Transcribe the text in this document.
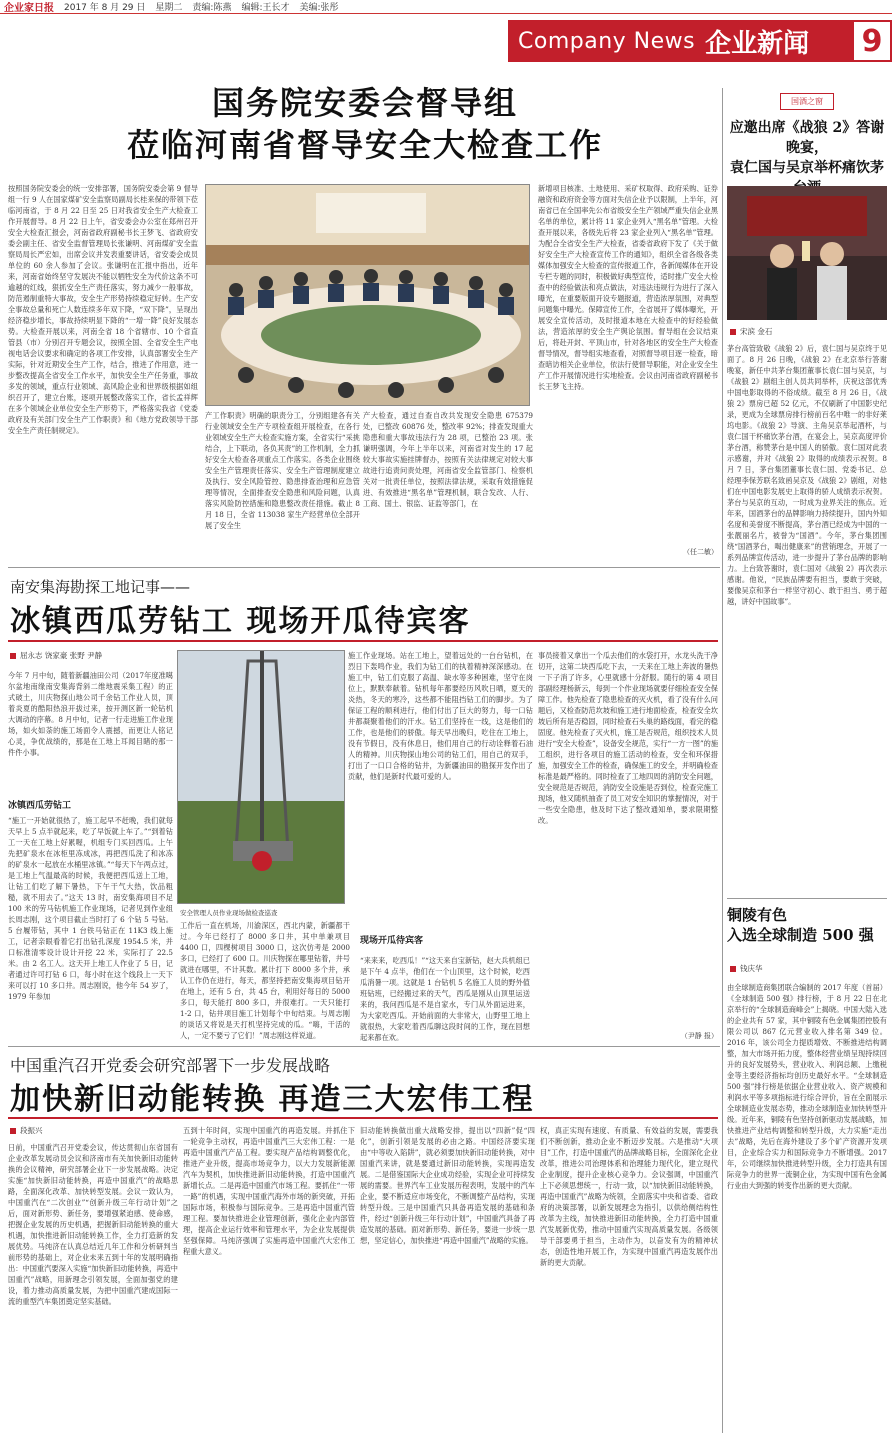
企业家日报 2017 年 8 月 29 日 星期二 责编:陈燕 编辑:王长才 美编:张彤
Company News 企业新闻	9
国务院安委会督导组
莅临河南省督导安全大检查工作
按照国务院安委会的统一安排部署，国务院安委会第 9 督导组一行 9 人在国家煤矿安全监察局副局长桂来保的带领下莅临河南省，于 8 月 22 日至 25 日对我省安全生产大检查工作开展督导。8 月 22 日上午，省安委会办公室在郑州召开安全大检查汇报会，河南省政府副秘书长王梦飞、省政府安委会副主任、省安全监督管理局长张谦明、河南煤矿安全监察局局长严宏如，出席会议并发表重要讲话，省安委会成员单位的 60 余人参加了会议。张谦明在汇报中指出，近年来，河南省始终坚守发展决不能以牺牲安全为代价这条不可逾越的红线，狠抓安全生产责任落实，努力减少一般事故，防范遏制重特大事故，安全生产形势持续稳定好转。生产安全事故总量和死亡人数连续多年双下降，“双下降”，呈现出经济稳步增长，事故持续明显下降的“一增一降”良好发展态势。大检查开展以来，河南全省 18 个省辖市、10 个省直管县（市）分别召开专题会议，按照全国、全省安全生产电视电话会议要求和确定的各项工作安排，认真部署安全生产实际，针对近期安全生产工作，结合，推进了作用意，进一步整改提高全省安全工作水平，加快安全生产任务重，事故多发的领域，重点行业领域、高风险企业和世界级根据如组织召开了，建立台账，逐项开展整改落实工作，省长孟祥辉在多个领域企业单位安全生产形势下，严格落实我省《党委政府及有关部门安全生产工作职责》和《地方党政领导干部安全生产责任制规定》。
产工作职责》明确的职责分工，分别组建各有关行业领域安全生产专项检查组开展检查，在各行业领域安全生产大检查实施方案，全省实行“采挑结合，上下联动，各负其责”的工作机制，全力抓好安全大检查各项重点工作落实。各类企业围绕安全生产管理责任落实、安全生产管理制度建立及执行、安全风险管控、隐患排查治理和应急管理等情况，全面排查安全隐患和风险问题，认真落实风险防控措施和隐患整改责任措施。截止 8 月 18 日，全省 113038 家生产经营单位全部开展了安全生
产大检查，通过自查自改共发现安全隐患 675379 处，已整改 60876 处，整改率 92%；排查发现重大隐患和重大事故违法行为 28 项，已整治 23 项。张谦明强调，今年上半年以来，河南省对发生的 17 起较大事故实施挂牌督办，按照有关法律规定对较大事故进行追责问责处理，河南省安全监管部门、检察机关对一批责任单位，按照法律法规，采取有效措施促进、有效推进“黑名单”管理机制，联合发改、人行、工商、国土、银监、证监等部门，在
新增项目核准、土地使用、采矿权取得、政府采购、证券融资和政府资金等方面对失信企业予以限制，上半年，河南省已在全国率先公布省级安全生产领域严重失信企业黑名单的单位，累计将 11 家企业列入“黑名单”管理。大检查开展以来，各级先后将 23 家企业列入“黑名单”管理。为配合全省安全生产大检查，省委省政府下发了《关于做好安全生产大检查宣传工作的通知》，组织全省各级各类媒体加强安全大检查的宣传报道工作，各新闻媒体在开设专栏专题的同时，积极做好典型宣传，适时推广安全大检查中的经验做法和亮点做法，对违法违规行为进行了深入曝光，在重要版面开设专题报道，营造浓厚氛围，对典型问题集中曝光。保障宣传工作，全省展开了媒体曝光，开展安全宣传活动，及时报道本地在大检查中的好经验做法，营造浓厚的安全生产舆论氛围。督导组在会议结束后，将赴开封、平顶山市，针对各地区的安全生产大检查督导情况，督导组实地查看，对照督导项目逐一检查，暗查暗访相关企业单位，依法行使督导职能，对企业安全生产工作开展情况进行实地检查。会议由河南省政府副秘书长王梦飞主持。
（任二敏）
南安集海勘探工地记事——
冰镇西瓜劳钻工 现场开瓜待宾客
屈永志 饶家豪 张野 尹静
今年 7 月中旬，随着新疆油田公司（2017年度准噶尔盆地南缘南安集海背斜二维地震采集工程）的正式破土，川庆物探山地公司千余钻工作业人员，顶着炎夏的酷阳热浪开拔过来，按开测区新一轮钻机大调动的序幕。8 月中旬，记者一行走进施工作业现场，如火如荼的施工场面令人震撼，而更让人铭记心灵，争优战绩的，那是在工地上耳闻目睹的那一件件小事。
冰镇西瓜劳钻工
“施工一开始就很热了，施工起早不赶晚，我们就每天早上 5 点半就起来，吃了早饭就上车了。”“到着钻工一天在工地上好累喔，机组专门买回西瓜。上午先把矿泉水在冰柜里冻成冰，再把西瓜洗了和冰冻的矿泉水一起放在水桶里冰镇。”“每天下午两点过，是工地上气温最高的时候，我便把西瓜送上工地，让钻工们吃了解下暑热，下午干气大热，饮品粗糙，就不用去了。”这天 13 时，南安集海项目不足 100 米的劳马钻机施工作业现场，记者见到作业组长周志刚，这个项目截止当时打了 6 个钻 5 号钻。5 台履带钻，其中 1 台铁马钻正在 11K3 线上施工，记者亲眼看着它打出钻孔深度 1954.5 米，并口标准清零设计设计开挖 22 米，实际打了 22.5 米。由 2 名工人。这天开上地工人作业了 5 日，记者通过许可打钻 6 口，每小时在这个线段上一天下来可以打 10 多口井。周志刚说，他今年 54 岁了，1979 年参加
安全管理人员作业现场做检查巡查
工作后一直在机场，川渝深区，西北内蒙，新疆都干过。今年已经打了 8000 多口井，其中单兼项目 4400 口，四棵树项目 3000 口，这次仿考是 2000 多口，已经打了 600 口。川庆物探在哪里钻着，井号就进在哪里，不计其数。累计打下 8000 多个井，承认工作仍在进行，每天，都坚持把南安集海项目钻开在地上，还有 5 台，共 45 台，利用好每日的 5000 多口，每天能打 800 多口，并很难打。一天只能打 1-2 口，钻井项目施工计划每个中旬结束。与周志刚的谈话又将说是天打机坚持完成的瓜。“嗨，干活的人，一定不要亏了它们！”周志刚这样说道。
施工作业现场。站在工地上，望着远处的一台台钻机，在烈日下轰鸣作业，我们为钻工们的执着精神深深感动。在施工中，钻工们克服了高温、缺水等多种困难，坚守在岗位上，默默奉献着。钻机每年都要经历风吹日晒，夏天的炎热，冬天的寒冷，这些都不能阻挡钻工们的脚步。为了保证工程的顺利进行，他们付出了巨大的努力，每一口钻井都凝聚着他们的汗水。钻工们坚持在一线，这是他们的工作，也是他们的骄傲。每天早出晚归，吃住在工地上，没有节假日，没有休息日，他们用自己的行动诠释着石油人的精神。川庆物探山地公司的钻工们，用自己的双手，打出了一口口合格的钻井，为新疆油田的勘探开发作出了贡献，他们是新时代最可爱的人。
现场开瓜待宾客
“来来来，吃西瓜！”“这天来自宝新钻，赵大兵机组已是下午 4 点半，他们在一个山顶里，这个时候，吃西瓜消暑一项。这就是 1 台钻机 5 名施工人员的野外值班钻班，已经搬过来的天气，西瓜是刚从山顶里运送来的，我问西瓜是不是自家水，专门从外面运进来，为大家吃西瓜。开始前面的大非常大，山野里工地上就很热，大家吃着西瓜聊这段时间的工作，现在回想起来都在欢。
事员接着又拿出一个瓜去他们的水袋打开，水龙头洗干净切开，这第二块西瓜吃下去，一天来在工地上奔波的暑热一下子消了许多，心里就感十分舒服。随行的第 4 项目部副经理杨新云，每到一个作业现场就要仔细检查安全保障工作。他先检查了隐患检查的灭火机，看了没有什么问题后，又检查防范坎坡和施工进行地面检查，检查安全坎坡后所有是否稳固，同时检查石头巢的路线面，看完的稳固度。他先检查了灭火机，施工是否规范，组织技术人员进行“安全大检查”，设备安全规范，实行“一方一图”的施工组织，进行各项目的施工活动的检查，安全和环保措施，加强安全工作的检查，确保施工的安全，并明确检查标准是最严格的。同时检查了工地四周的消防安全问题，安全规范是否规范，消防安全设施是否到位，检查完施工现场，他又随机抽查了员工对安全知识的掌握情况，对于一些安全隐患，他及时下达了整改通知单，要求限期整改。
（尹静 报）
中国重汽召开党委会研究部署下一步发展战略
加快新旧动能转换 再造三大宏伟工程
段振兴
日前，中国重汽召开党委会议，传达贯彻山东省国有企业改革发展动员会议和济南市有关加快新旧动能转换的会议精神，研究部署企业下一步发展战略。决定实施“加快新旧动能转换，再造中国重汽”的战略思路，全面深化改革、加快转型发展。会议一致认为，中国重汽在“二次创业”“创新升级三年行动计划”之后，面对新形势、新任务，要增强紧迫感、使命感，把握企业发展的历史机遇，把握新旧动能转换的重大机遇，加快推进新旧动能转换工作，全力打造新的发展优势。马纯济在认真总结近几年工作和分析研判当前形势的基础上，对企业未来五到十年的发展明确指出：中国重汽要深入实施“加快新旧动能转换，再造中国重汽”战略，用新理念引领发展，全面加强党的建设，着力推动高质量发展，为把中国重汽建成国际一流的重型汽车集团奠定坚实基础。
五到十年时间，实现中国重汽的再造发展。并抓住下一轮竞争主动权，再造中国重汽三大宏伟工程：一是再造中国重汽产品工程。要实现产品结构调整优化，推进产业升级，提高市场竞争力，以大力发展新能源汽车为契机，加快推进新旧动能转换，打造中国重汽新增长点。二是再造中国重汽市场工程。要抓住“一带一路”的机遇，实现中国重汽海外市场的新突破，开拓国际市场，积极参与国际竞争。三是再造中国重汽管理工程。要加快推进企业管理创新，强化企业内部管理，提高企业运行效率和管理水平，为企业发展提供坚强保障。马纯济强调了实施再造中国重汽大宏伟工程重大意义。
旧动能转换做出重大战略安排，提出以“四新”促“四化”，创新引领是发展的必由之路。中国经济要实现由“中等收入陷阱”，就必须要加快新旧动能转换，对中国重汽来讲，就是要通过新旧动能转换，实现再造发展。二是借鉴国际大企业成功经验，实现企业可持续发展的需要。世界汽车工业发展历程表明，发展中的汽车企业，要不断适应市场变化，不断调整产品结构，实现转型升级。三是中国重汽只具备再造发展的基础和条件，经过“创新升级三年行动计划”，中国重汽具备了再造发展的基础。面对新形势、新任务，要进一步统一思想，坚定信心，加快推进“再造中国重汽”战略的实施。
权，真正实现有速度、有质量、有效益的发展，需要我们不断创新，推动企业不断迈步发展。六是推动“大项目”工作，打造中国重汽的品牌战略目标，全面深化企业改革，推进公司治理体系和治理能力现代化，建立现代企业制度，提升企业核心竞争力。会议强调，中国重汽上下必须思想统一，行动一致，以“加快新旧动能转换，再造中国重汽”战略为统领，全面落实中央和省委、省政府的决策部署，以新发展理念为指引，以供给侧结构性改革为主线，加快推进新旧动能转换，全力打造中国重汽发展新优势，推动中国重汽实现高质量发展。各级领导干部要勇于担当，主动作为，以奋发有为的精神状态，创造性地开展工作，为实现中国重汽再造发展作出新的更大贡献。
国酒之窗
应邀出席《战狼 2》答谢晚宴，
袁仁国与吴京举杯痛饮茅
宋滨 金石
茅台高管致敬《战狼 2》后，袁仁国与吴京终于见面了。8 月 26 日晚，《战狼 2》在北京举行答谢晚宴，新任中共茅台集团董事长袁仁国与吴京，与《战狼 2》剧组主创人员共同举杯，庆祝这部优秀中国电影取得的不俗成绩。截至 8 月 26 日，《战狼 2》票房已超 52 亿元，不仅刷新了中国影史纪录，更成为全球票房排行榜前百名中唯一的非好莱坞电影。《战狼 2》导演、主角吴京举起酒杯，与袁仁国干杯痛饮茅台酒，在宴会上，吴京高度评价茅台酒，称赞茅台是中国人的骄傲。袁仁国对此表示感谢，并对《战狼 2》取得的成绩表示祝贺。8 月 7 日，茅台集团董事长袁仁国、党委书记、总经理李保芳联名致函吴京及《战狼 2》剧组，对他们在中国电影发展史上取得的骄人成绩表示祝贺。茅台与吴京的互动，一时成为业界关注的焦点。近年来，国酒茅台的品牌影响力持续提升，国内外知名度和美誉度不断提高，茅台酒已经成为中国的一张靓丽名片，被誉为“国酒”。今年，茅台集团围绕“国酒茅台，喝出健康来”的营销理念，开展了一系列品牌宣传活动，进一步提升了茅台品牌的影响力。上台致答谢时，袁仁国对《战狼 2》再次表示感谢。他说，“民族品牌要有担当，要敢于突破，要像吴京和茅台一样坚守初心、敢于担当、勇于超越，讲好中国故事”。
铜陵有色
入选全球制造 500 强
钱庆华
由全球制造商集团联合编制的 2017 年度（首届）《全球制造 500 强》排行榜，于 8 月 22 日在北京举行的“全球制造商峰会”上揭晓。中国大陆入选的企业共有 57 家，其中铜陵有色金属集团控股有限公司以 867 亿元营业收入排名第 349 位。2016 年，该公司全力提质增效、不断推进结构调整，加大市场开拓力度，整体经营业绩呈现持续回升的良好发展势头，营业收入、利润总额、上缴税金等主要经济指标均创历史最好水平。“全球制造 500 强”排行榜是依据企业营业收入、资产规模和利润水平等多项指标进行综合评价，旨在全面展示全球制造业发展态势，推动全球制造业加快转型升级。近年来，铜陵有色坚持创新驱动发展战略，加快推进产业结构调整和转型升级，大力实施“走出去”战略，先后在海外建设了多个矿产资源开发项目，企业综合实力和国际竞争力不断增强。2017 年，公司继续加快推进转型升级，全力打造具有国际竞争力的世界一流铜企业，为实现中国有色金属行业由大到强的转变作出新的更大贡献。
